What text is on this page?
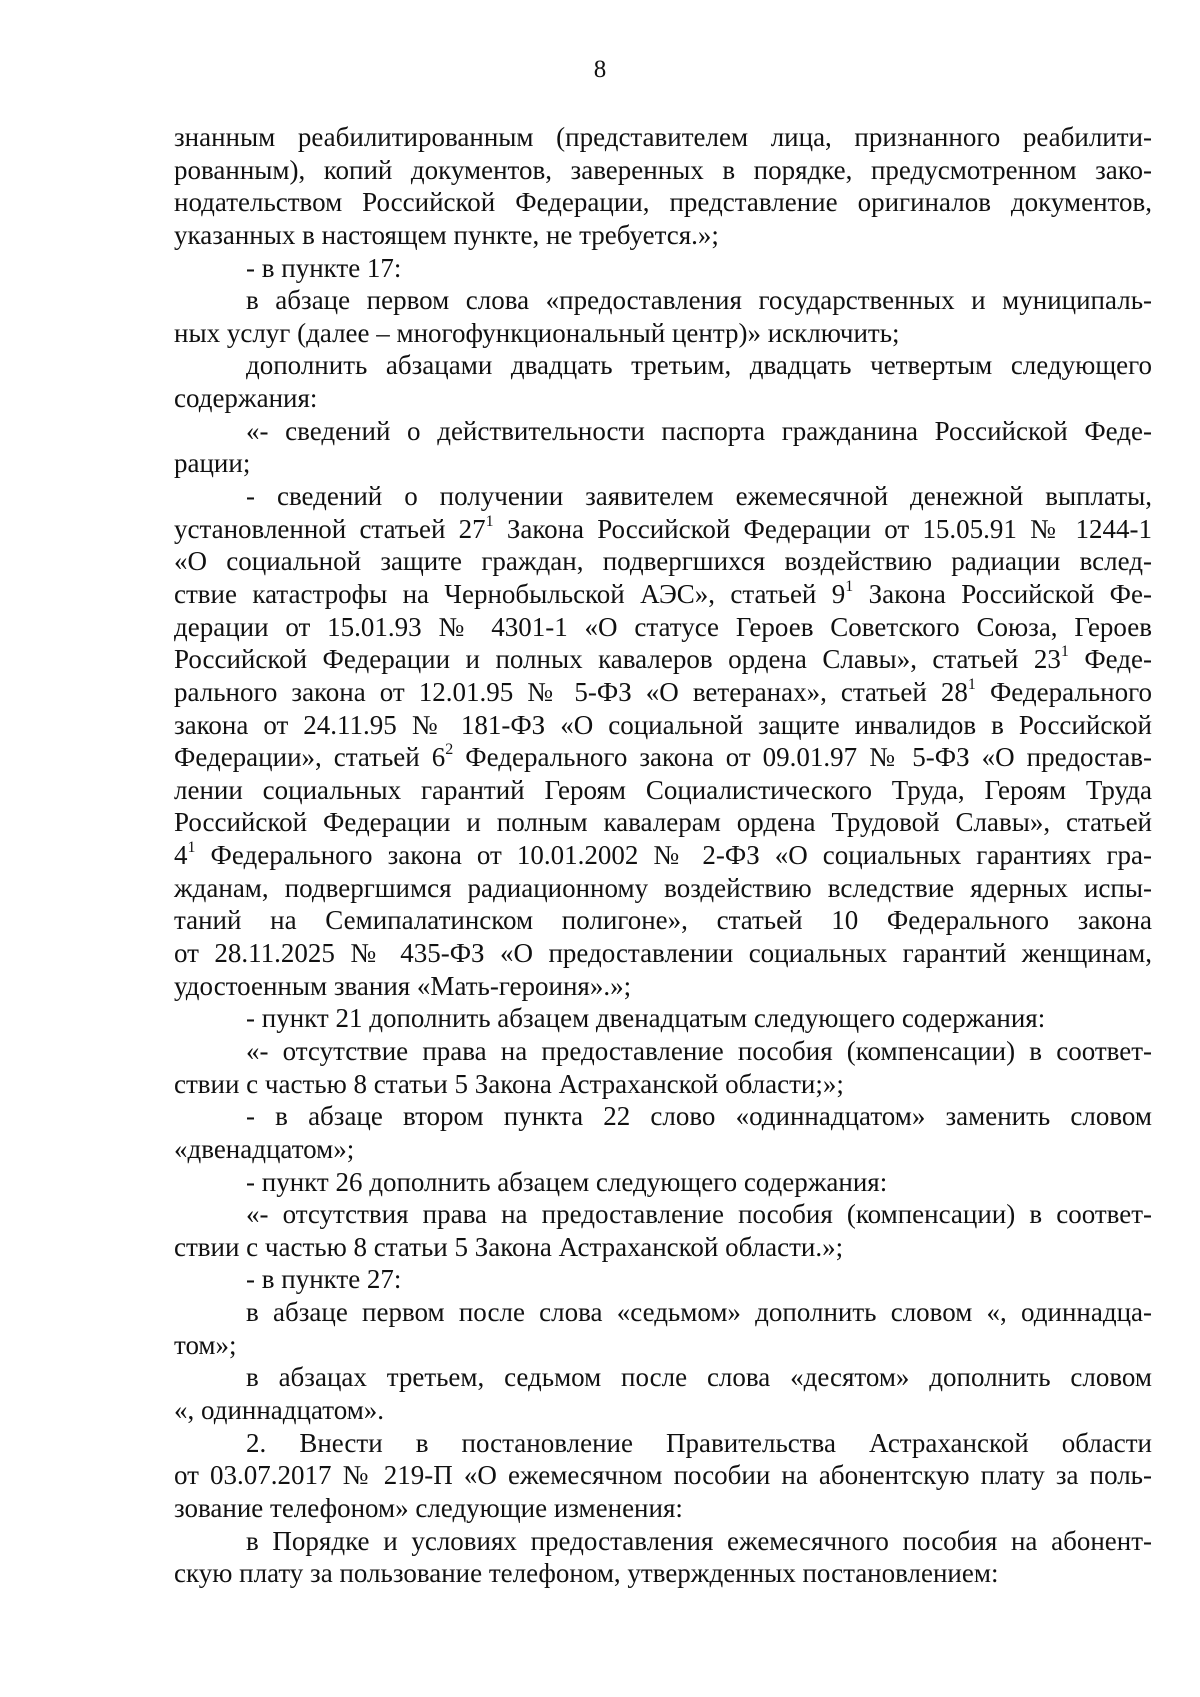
8
знанным реабилитированным (представителем лица, признанного реабилити-
рованным), копий документов, заверенных в порядке, предусмотренном зако-
нодательством Российской Федерации, представление оригиналов документов,
указанных в настоящем пункте, не требуется.»;
- в пункте 17:
в абзаце первом слова «предоставления государственных и муниципаль-
ных услуг (далее – многофункциональный центр)» исключить;
дополнить абзацами двадцать третьим, двадцать четвертым следующего
содержания:
«- сведений о действительности паспорта гражданина Российской Феде-
рации;
- сведений о получении заявителем ежемесячной денежной выплаты,
установленной статьей $27^1$ Закона Российской Федерации от 15.05.91 № 1244-1
«О социальной защите граждан, подвергшихся воздействию радиации вслед-
ствие катастрофы на Чернобыльской АЭС», статьей $9^1$ Закона Российской Фе-
дерации от 15.01.93 № 4301-1 «О статусе Героев Советского Союза, Героев
Российской Федерации и полных кавалеров ордена Славы», статьей $23^1$ Феде-
рального закона от 12.01.95 № 5-ФЗ «О ветеранах», статьей $28^1$ Федерального
закона от 24.11.95 № 181-ФЗ «О социальной защите инвалидов в Российской
Федерации», статьей $6^2$ Федерального закона от 09.01.97 № 5-ФЗ «О предостав-
лении социальных гарантий Героям Социалистического Труда, Героям Труда
Российской Федерации и полным кавалерам ордена Трудовой Славы», статьей
$4^1$ Федерального закона от 10.01.2002 № 2-ФЗ «О социальных гарантиях гра-
жданам, подвергшимся радиационному воздействию вследствие ядерных испы-
таний на Семипалатинском полигоне», статьей 10 Федерального закона
от 28.11.2025 № 435-ФЗ «О предоставлении социальных гарантий женщинам,
удостоенным звания «Мать-героиня».»;
- пункт 21 дополнить абзацем двенадцатым следующего содержания:
«- отсутствие права на предоставление пособия (компенсации) в соответ-
ствии с частью 8 статьи 5 Закона Астраханской области;»;
- в абзаце втором пункта 22 слово «одиннадцатом» заменить словом
«двенадцатом»;
- пункт 26 дополнить абзацем следующего содержания:
«- отсутствия права на предоставление пособия (компенсации) в соответ-
ствии с частью 8 статьи 5 Закона Астраханской области.»;
- в пункте 27:
в абзаце первом после слова «седьмом» дополнить словом «, одиннадца-
том»;
в абзацах третьем, седьмом после слова «десятом» дополнить словом
«, одиннадцатом».
2. Внести в постановление Правительства Астраханской области
от 03.07.2017 № 219-П «О ежемесячном пособии на абонентскую плату за поль-
зование телефоном» следующие изменения:
в Порядке и условиях предоставления ежемесячного пособия на абонент-
скую плату за пользование телефоном, утвержденных постановлением:
